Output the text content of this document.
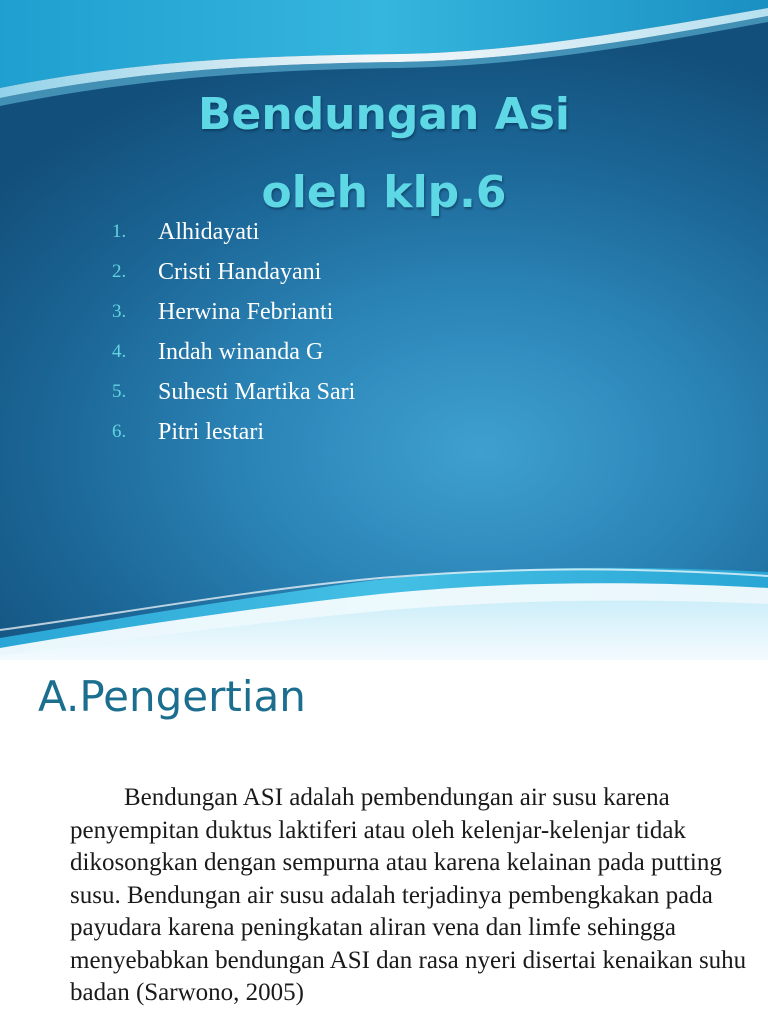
Bendungan Asi
oleh klp.6
1.	Alhidayati
2.	Cristi Handayani
3.	Herwina Febrianti
4.	Indah winanda G
5.	Suhesti Martika Sari
6.	Pitri lestari
A.Pengertian

Bendungan ASI adalah pembendungan air susu karena penyempitan duktus laktiferi atau oleh kelenjar-kelenjar tidak dikosongkan dengan sempurna atau karena kelainan pada putting susu. Bendungan air susu adalah terjadinya pembengkakan pada payudara karena peningkatan aliran vena dan limfe sehingga menyebabkan bendungan ASI dan rasa nyeri disertai kenaikan suhu badan (Sarwono, 2005)
